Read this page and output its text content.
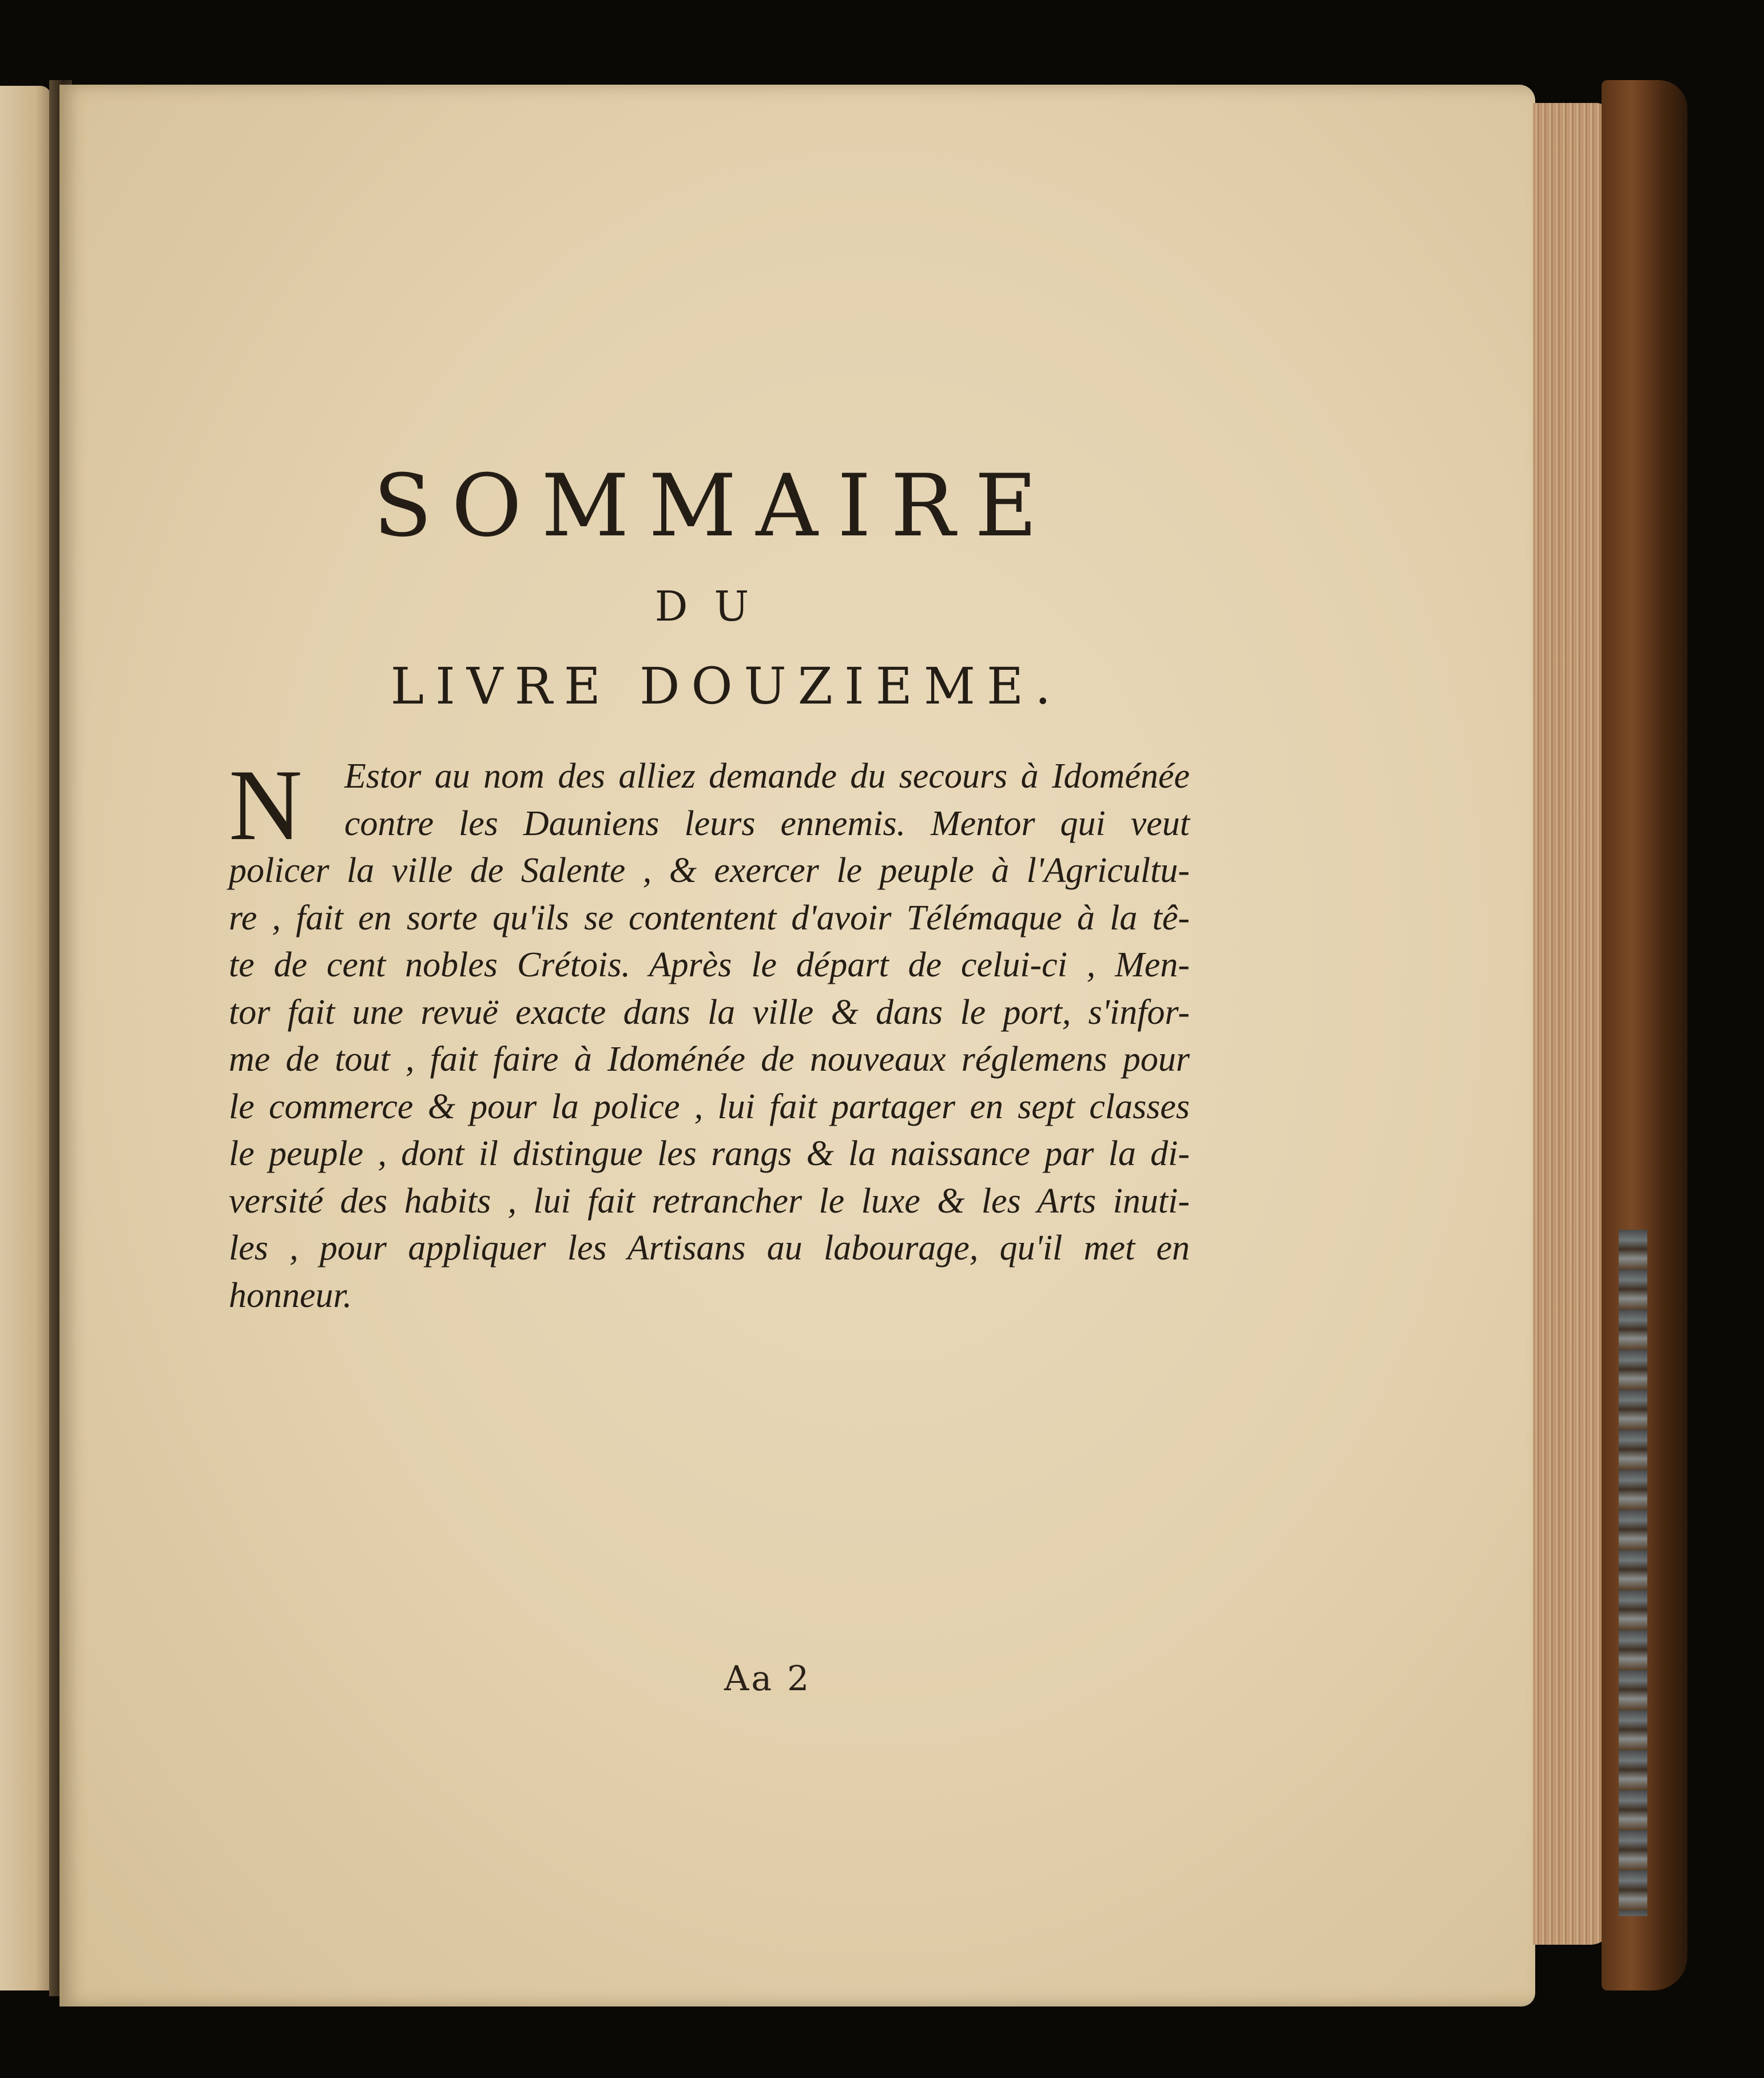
SOMMAIRE
DU
LIVRE DOUZIEME.
N	Estor au nom des alliez demande du secours à Idoménée
contre les Dauniens leurs ennemis. Mentor qui veut
policer la ville de Salente , & exercer le peuple à l'Agricultu-
re , fait en sorte qu'ils se contentent d'avoir Télémaque à la tê-
te de cent nobles Crétois. Après le départ de celui-ci , Men-
tor fait une revuë exacte dans la ville & dans le port, s'infor-
me de tout , fait faire à Idoménée de nouveaux réglemens pour
le commerce & pour la police , lui fait partager en sept classes
le peuple , dont il distingue les rangs & la naissance par la di-
versité des habits , lui fait retrancher le luxe & les Arts inuti-
les , pour appliquer les Artisans au labourage, qu'il met en
honneur.
Aa 2
